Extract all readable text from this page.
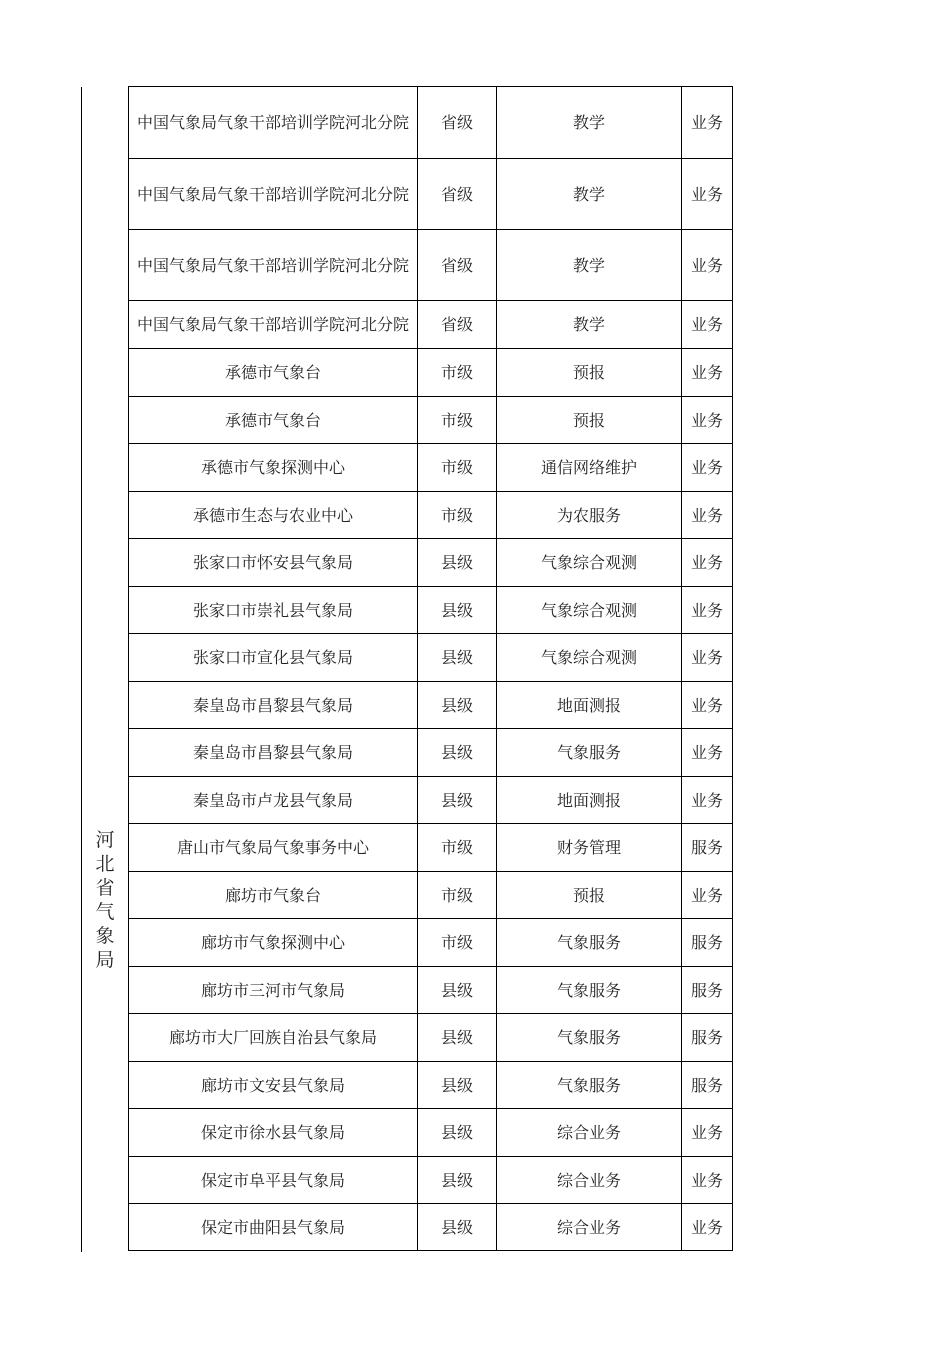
河
北
省
气
象
局
中国气象局气象干部培训学院河北分院	省级	教学	业务
中国气象局气象干部培训学院河北分院	省级	教学	业务
中国气象局气象干部培训学院河北分院	省级	教学	业务
中国气象局气象干部培训学院河北分院	省级	教学	业务
承德市气象台	市级	预报	业务
承德市气象台	市级	预报	业务
承德市气象探测中心	市级	通信网络维护	业务
承德市生态与农业中心	市级	为农服务	业务
张家口市怀安县气象局	县级	气象综合观测	业务
张家口市崇礼县气象局	县级	气象综合观测	业务
张家口市宣化县气象局	县级	气象综合观测	业务
秦皇岛市昌黎县气象局	县级	地面测报	业务
秦皇岛市昌黎县气象局	县级	气象服务	业务
秦皇岛市卢龙县气象局	县级	地面测报	业务
唐山市气象局气象事务中心	市级	财务管理	服务
廊坊市气象台	市级	预报	业务
廊坊市气象探测中心	市级	气象服务	服务
廊坊市三河市气象局	县级	气象服务	服务
廊坊市大厂回族自治县气象局	县级	气象服务	服务
廊坊市文安县气象局	县级	气象服务	服务
保定市徐水县气象局	县级	综合业务	业务
保定市阜平县气象局	县级	综合业务	业务
保定市曲阳县气象局	县级	综合业务	业务
